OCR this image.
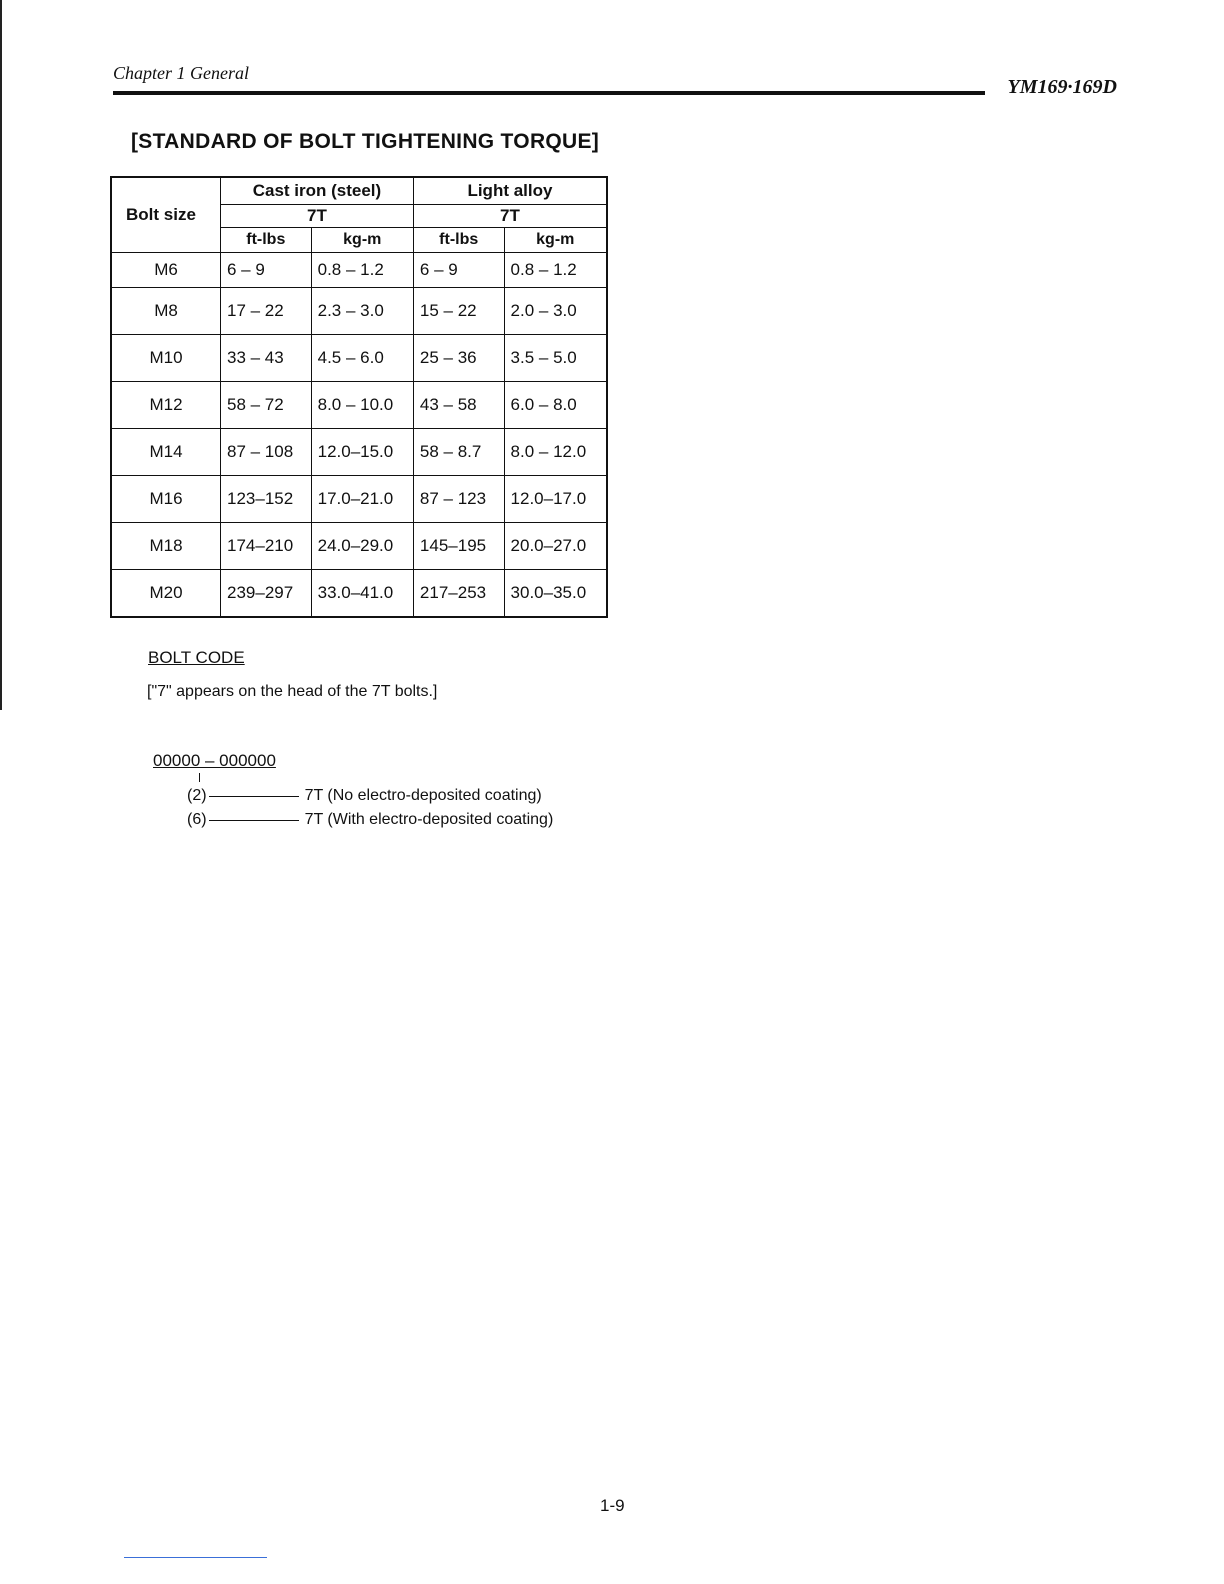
Chapter 1 General
YM169·169D
[STANDARD OF BOLT TIGHTENING TORQUE]
Bolt size	Cast iron (steel)		Light alloy	
	7T		7T	
	ft-lbs	kg-m	ft-lbs	kg-m
M6	6 – 9	0.8 – 1.2	6 – 9	0.8 – 1.2
M8	17 – 22	2.3 – 3.0	15 – 22	2.0 – 3.0
M10	33 – 43	4.5 – 6.0	25 – 36	3.5 – 5.0
M12	58 – 72	8.0 – 10.0	43 – 58	6.0 – 8.0
M14	87 – 108	12.0–15.0	58 – 8.7	8.0 – 12.0
M16	123–152	17.0–21.0	87 – 123	12.0–17.0
M18	174–210	24.0–29.0	145–195	20.0–27.0
M20	239–297	33.0–41.0	217–253	30.0–35.0
BOLT CODE
["7" appears on the head of the 7T bolts.]
00000 – 000000
(2)	7T (No electro-deposited coating)
(6)	7T (With electro-deposited coating)
1-9
